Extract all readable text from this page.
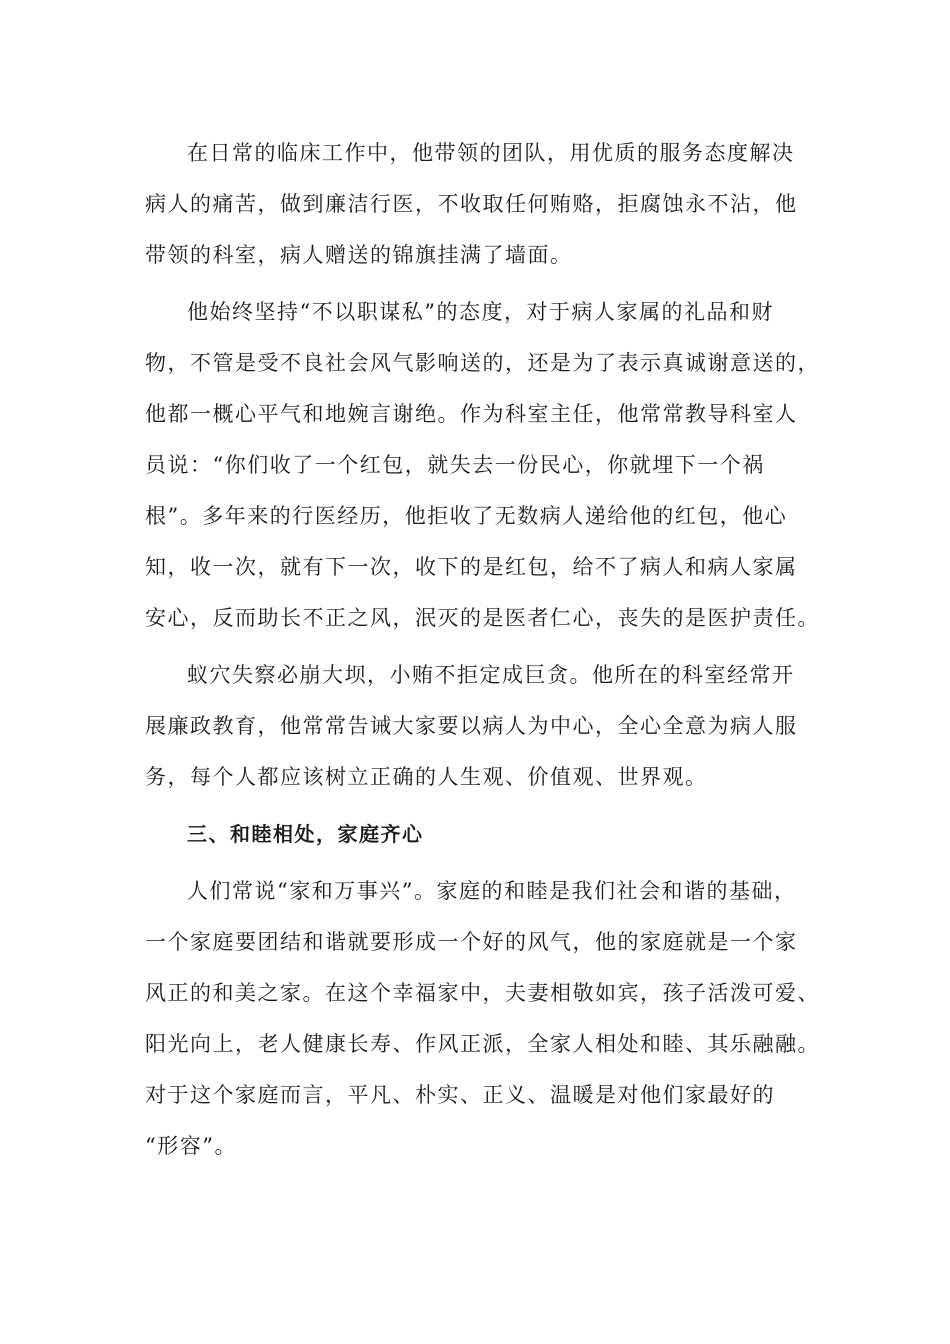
在日常的临床工作中，他带领的团队，用优质的服务态度解决
病人的痛苦，做到廉洁行医，不收取任何贿赂，拒腐蚀永不沾，他
带领的科室，病人赠送的锦旗挂满了墙面。
他始终坚持“不以职谋私”的态度，对于病人家属的礼品和财
物，不管是受不良社会风气影响送的，还是为了表示真诚谢意送的，
他都一概心平气和地婉言谢绝。作为科室主任，他常常教导科室人
员说：“你们收了一个红包，就失去一份民心，你就埋下一个祸
根”。多年来的行医经历，他拒收了无数病人递给他的红包，他心
知，收一次，就有下一次，收下的是红包，给不了病人和病人家属
安心，反而助长不正之风，泯灭的是医者仁心，丧失的是医护责任。
蚁穴失察必崩大坝，小贿不拒定成巨贪。他所在的科室经常开
展廉政教育，他常常告诫大家要以病人为中心，全心全意为病人服
务，每个人都应该树立正确的人生观、价值观、世界观。
三、和睦相处，家庭齐心
人们常说“家和万事兴”。家庭的和睦是我们社会和谐的基础，
一个家庭要团结和谐就要形成一个好的风气，他的家庭就是一个家
风正的和美之家。在这个幸福家中，夫妻相敬如宾，孩子活泼可爱、
阳光向上，老人健康长寿、作风正派，全家人相处和睦、其乐融融。
对于这个家庭而言，平凡、朴实、正义、温暖是对他们家最好的
“形容”。
